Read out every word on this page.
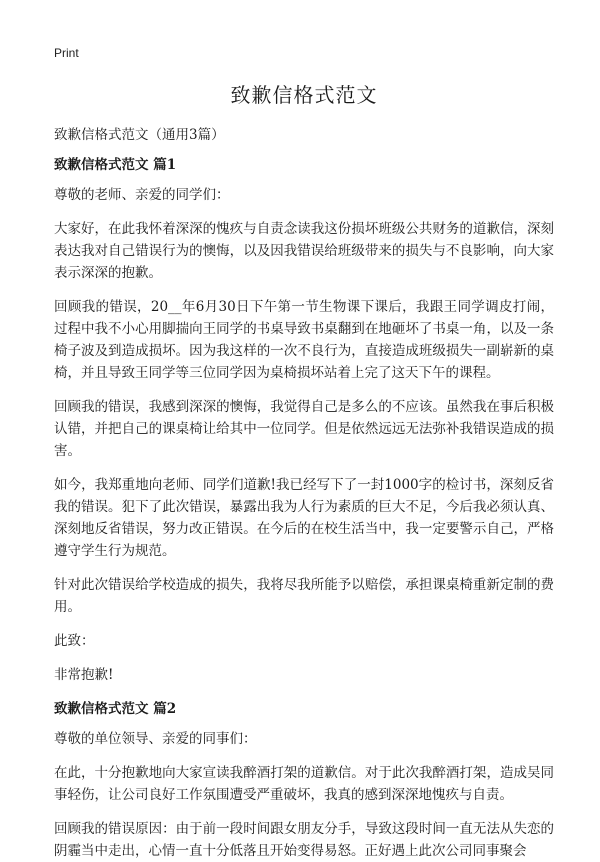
Print
致歉信格式范文

致歉信格式范文（通用3篇）

致歉信格式范文 篇1

尊敬的老师、亲爱的同学们：

大家好，在此我怀着深深的愧疚与自责念读我这份损坏班级公共财务的道歉信，深刻表达我对自己错误行为的懊悔，以及因我错误给班级带来的损失与不良影响，向大家表示深深的抱歉。

回顾我的错误，20__年6月30日下午第一节生物课下课后，我跟王同学调皮打闹，过程中我不小心用脚揣向王同学的书桌导致书桌翻到在地砸坏了书桌一角，以及一条椅子波及到造成损坏。因为我这样的一次不良行为，直接造成班级损失一副崭新的桌椅，并且导致王同学等三位同学因为桌椅损坏站着上完了这天下午的课程。

回顾我的错误，我感到深深的懊悔，我觉得自己是多么的不应该。虽然我在事后积极认错，并把自己的课桌椅让给其中一位同学。但是依然远远无法弥补我错误造成的损害。

如今，我郑重地向老师、同学们道歉!我已经写下了一封1000字的检讨书，深刻反省我的错误。犯下了此次错误，暴露出我为人行为素质的巨大不足，今后我必须认真、深刻地反省错误，努力改正错误。在今后的在校生活当中，我一定要警示自己，严格遵守学生行为规范。

针对此次错误给学校造成的损失，我将尽我所能予以赔偿，承担课桌椅重新定制的费用。

此致：

非常抱歉!

致歉信格式范文 篇2

尊敬的单位领导、亲爱的同事们：

在此，十分抱歉地向大家宣读我醉酒打架的道歉信。对于此次我醉酒打架，造成吴同事轻伤，让公司良好工作氛围遭受严重破坏，我真的感到深深地愧疚与自责。

回顾我的错误原因：由于前一段时间跟女朋友分手，导致这段时间一直无法从失恋的阴霾当中走出，心情一直十分低落且开始变得易怒。正好遇上此次公司同事聚会
